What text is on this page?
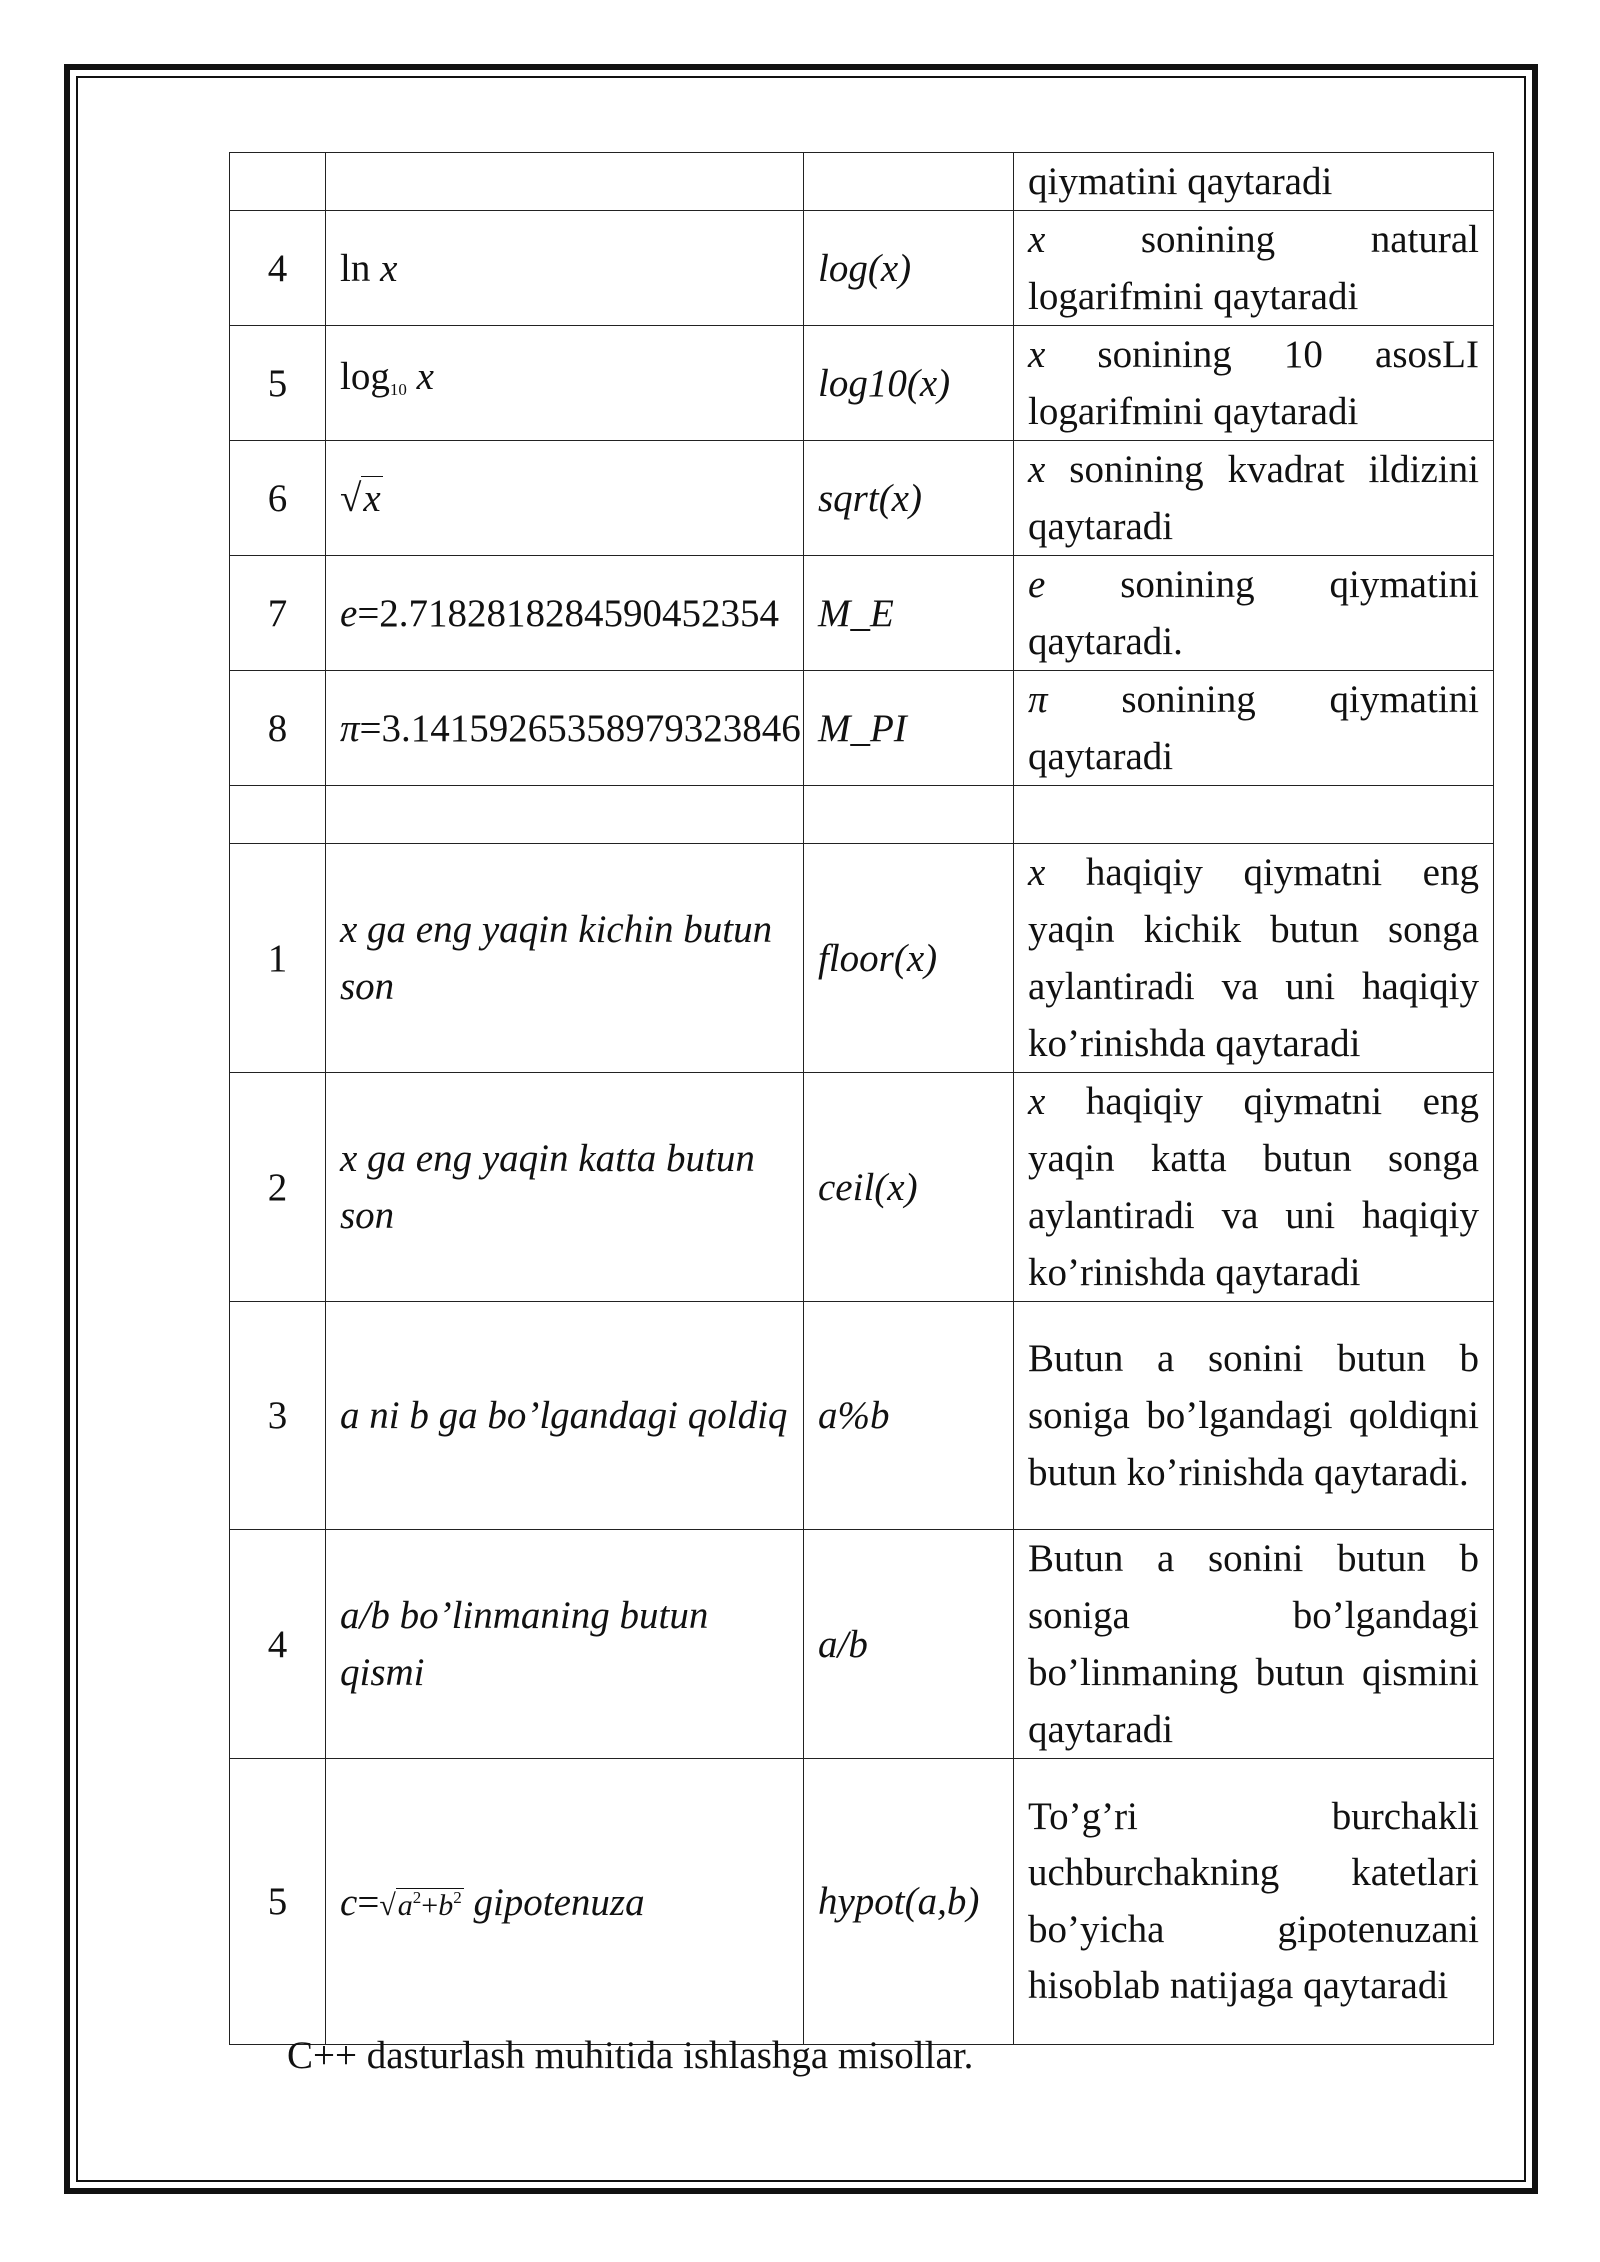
			qiymatini qaytaradi
4	ln x	log(x)	x sonining natural logarifmini qaytaradi
5	$\log_{10} x$	log10(x)	x sonining 10 asosLI logarifmini qaytaradi
6	√x	sqrt(x)	x sonining kvadrat ildizini qaytaradi
7	e=2.7182818284590452354	M_E	e sonining qiymatini qaytaradi.
8	π=3.14159265358979323846	M_PI	π sonining qiymatini qaytaradi

1	x ga eng yaqin kichin butun son	floor(x)	x haqiqiy qiymatni eng yaqin kichik butun songa aylantiradi va uni haqiqiy ko’rinishda qaytaradi
2	x ga eng yaqin katta butun son	ceil(x)	x haqiqiy qiymatni eng yaqin katta butun songa aylantiradi va uni haqiqiy ko’rinishda qaytaradi
3	a ni b ga bo’lgandagi qoldiq	a%b	Butun a sonini butun b soniga bo’lgandagi qoldiqni butun ko’rinishda qaytaradi.
4	a/b bo’linmaning butun qismi	a/b	Butun a sonini butun b soniga bo’lgandagi bo’linmaning butun qismini qaytaradi
5	$c=√a^2+b^2$ gipotenuza	hypot(a,b)	To’g’ri burchakli uchburchakning katetlari bo’yicha gipotenuzani hisoblab natijaga qaytaradi
C++ dasturlash muhitida ishlashga misollar.
